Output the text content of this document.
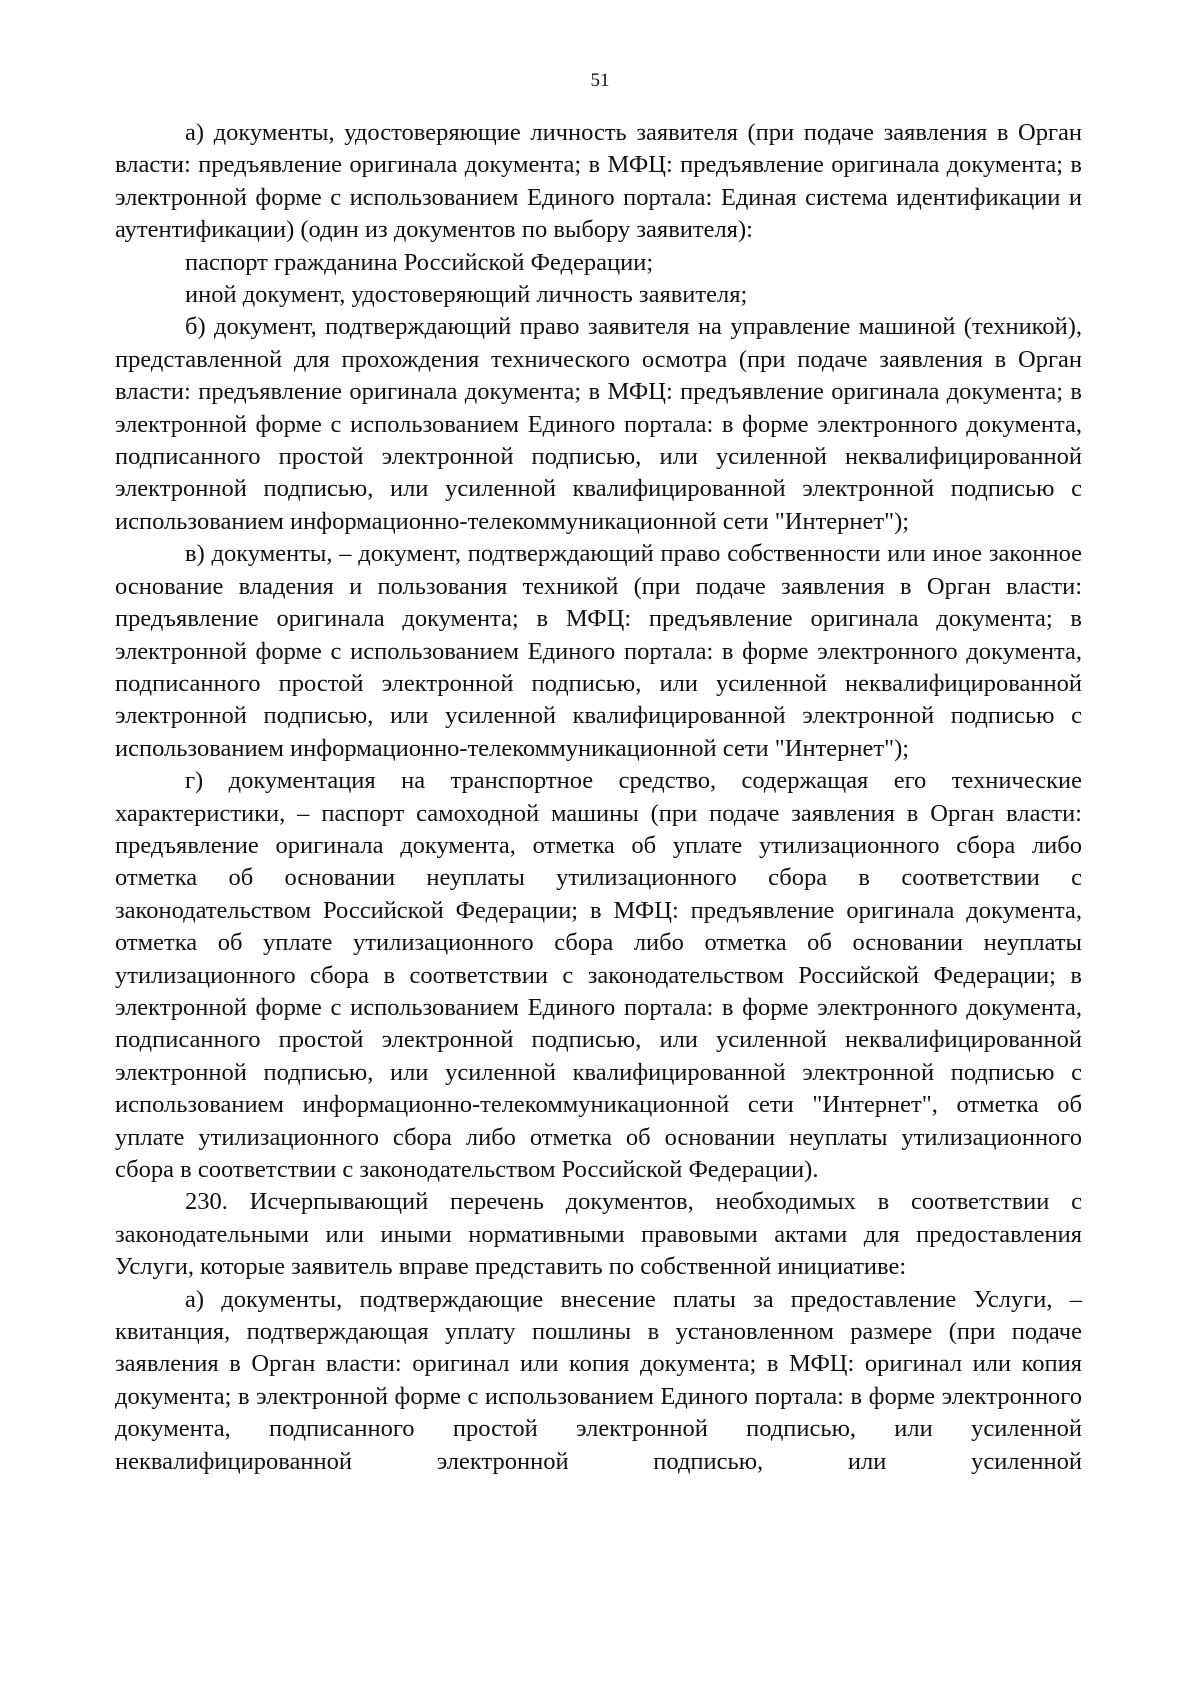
51

а) документы, удостоверяющие личность заявителя (при подаче заявления в Орган власти: предъявление оригинала документа; в МФЦ: предъявление оригинала документа; в электронной форме с использованием Единого портала: Единая система идентификации и аутентификации) (один из документов по выбору заявителя):

паспорт гражданина Российской Федерации;

иной документ, удостоверяющий личность заявителя;

б) документ, подтверждающий право заявителя на управление машиной (техникой), представленной для прохождения технического осмотра (при подаче заявления в Орган власти: предъявление оригинала документа; в МФЦ: предъявление оригинала документа; в электронной форме с использованием Единого портала: в форме электронного документа, подписанного простой электронной подписью, или усиленной неквалифицированной электронной подписью, или усиленной квалифицированной электронной подписью с использованием информационно-телекоммуникационной сети "Интернет");

в) документы, – документ, подтверждающий право собственности или иное законное основание владения и пользования техникой (при подаче заявления в Орган власти: предъявление оригинала документа; в МФЦ: предъявление оригинала документа; в электронной форме с использованием Единого портала: в форме электронного документа, подписанного простой электронной подписью, или усиленной неквалифицированной электронной подписью, или усиленной квалифицированной электронной подписью с использованием информационно-телекоммуникационной сети "Интернет");

г) документация на транспортное средство, содержащая его технические характеристики, – паспорт самоходной машины (при подаче заявления в Орган власти: предъявление оригинала документа, отметка об уплате утилизационного сбора либо отметка об основании неуплаты утилизационного сбора в соответствии с законодательством Российской Федерации; в МФЦ: предъявление оригинала документа, отметка об уплате утилизационного сбора либо отметка об основании неуплаты утилизационного сбора в соответствии с законодательством Российской Федерации; в электронной форме с использованием Единого портала: в форме электронного документа, подписанного простой электронной подписью, или усиленной неквалифицированной электронной подписью, или усиленной квалифицированной электронной подписью с использованием информационно-телекоммуникационной сети "Интернет", отметка об уплате утилизационного сбора либо отметка об основании неуплаты утилизационного сбора в соответствии с законодательством Российской Федерации).

230. Исчерпывающий перечень документов, необходимых в соответствии с законодательными или иными нормативными правовыми актами для предоставления Услуги, которые заявитель вправе представить по собственной инициативе:

а) документы, подтверждающие внесение платы за предоставление Услуги, – квитанция, подтверждающая уплату пошлины в установленном размере (при подаче заявления в Орган власти: оригинал или копия документа; в МФЦ: оригинал или копия документа; в электронной форме с использованием Единого портала: в форме электронного документа, подписанного простой электронной подписью, или усиленной неквалифицированной электронной подписью, или усиленной
